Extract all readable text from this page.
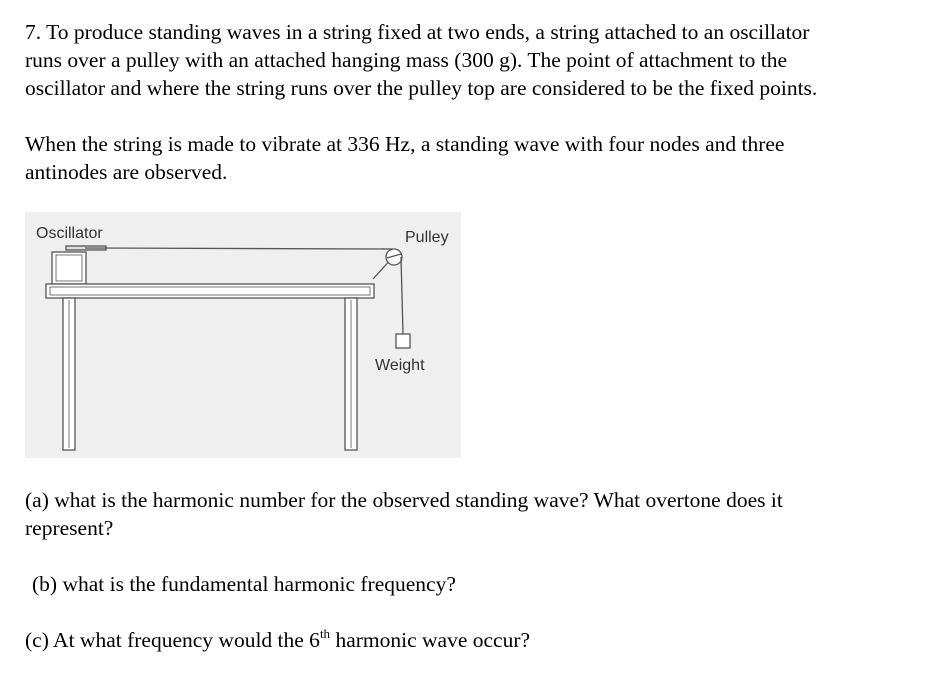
7. To produce standing waves in a string fixed at two ends, a string attached to an oscillator
runs over a pulley with an attached hanging mass (300 g). The point of attachment to the
oscillator and where the string runs over the pulley top are considered to be the fixed points.

When the string is made to vibrate at 336 Hz, a standing wave with four nodes and three
antinodes are observed.

Oscillator	Pulley
Weight

(a) what is the harmonic number for the observed standing wave? What overtone does it
represent?

(b) what is the fundamental harmonic frequency?

(c) At what frequency would the 6th harmonic wave occur?
